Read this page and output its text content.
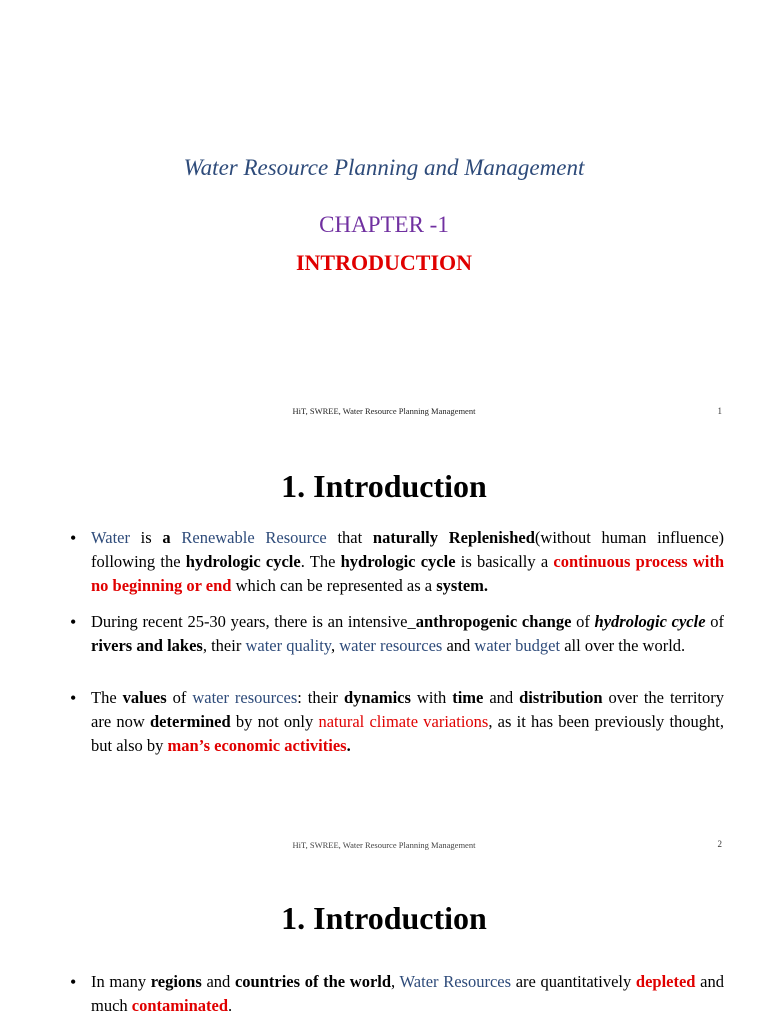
Water Resource Planning and Management
CHAPTER -1
INTRODUCTION
HiT, SWREE, Water Resource Planning Management	1
1. Introduction
• Water is a Renewable Resource that naturally Replenished(without human influence) following the hydrologic cycle. The hydrologic cycle is basically a continuous process with no beginning or end which can be represented as a system.
• During recent 25-30 years, there is an intensive_anthropogenic change of hydrologic cycle of rivers and lakes, their water quality, water resources and water budget all over the world.
• The values of water resources: their dynamics with time and distribution over the territory are now determined by not only natural climate variations, as it has been previously thought, but also by man’s economic activities.
HiT, SWREE, Water Resource Planning Management	2
1. Introduction
• In many regions and countries of the world, Water Resources are quantitatively depleted and much contaminated.
